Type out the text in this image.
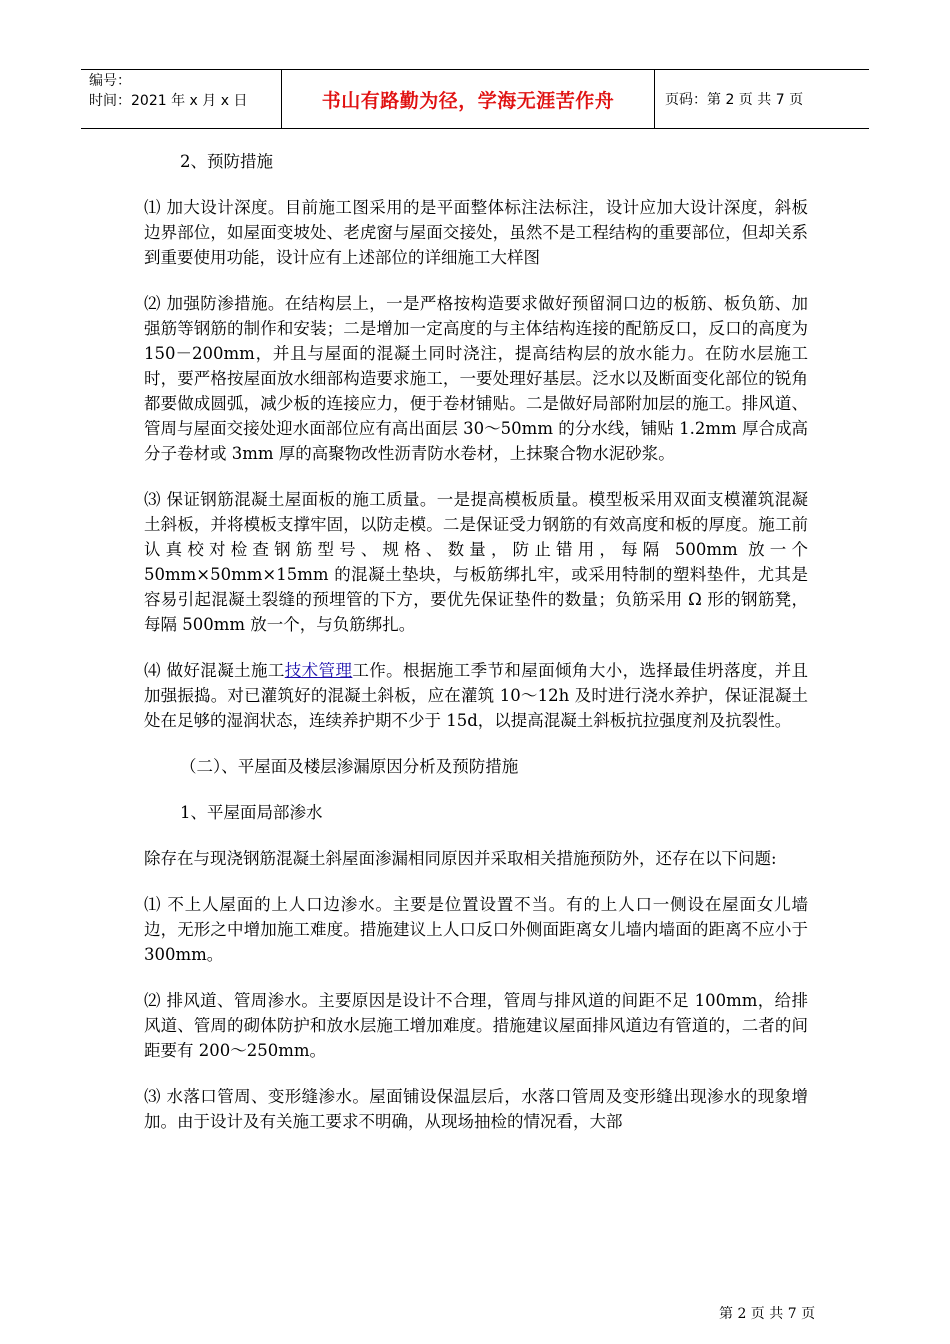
编号：
时间：2021 年 x 月 x 日	书山有路勤为径，学海无涯苦作舟	页码：第 2 页 共 7 页

2、预防措施

⑴ 加大设计深度。目前施工图采用的是平面整体标注法标注，设计应加大设计深度，斜板边界部位，如屋面变坡处、老虎窗与屋面交接处，虽然不是工程结构的重要部位，但却关系到重要使用功能，设计应有上述部位的详细施工大样图

⑵ 加强防渗措施。在结构层上，一是严格按构造要求做好预留洞口边的板筋、板负筋、加强筋等钢筋的制作和安装；二是增加一定高度的与主体结构连接的配筋反口，反口的高度为 150－200mm，并且与屋面的混凝土同时浇注，提高结构层的放水能力。在防水层施工时，要严格按屋面放水细部构造要求施工，一要处理好基层。泛水以及断面变化部位的锐角都要做成圆弧，减少板的连接应力，便于卷材铺贴。二是做好局部附加层的施工。排风道、管周与屋面交接处迎水面部位应有高出面层 30～50mm 的分水线，铺贴 1.2mm 厚合成高分子卷材或 3mm 厚的高聚物改性沥青防水卷材，上抹聚合物水泥砂浆。

⑶ 保证钢筋混凝土屋面板的施工质量。一是提高模板质量。模型板采用双面支模灌筑混凝土斜板，并将模板支撑牢固，以防走模。二是保证受力钢筋的有效高度和板的厚度。施工前认真校对检查钢筋型号、规格、数量，防止错用，每隔 500mm 放一个 50mm×50mm×15mm 的混凝土垫块，与板筋绑扎牢，或采用特制的塑料垫件，尤其是容易引起混凝土裂缝的预埋管的下方，要优先保证垫件的数量；负筋采用 Ω 形的钢筋凳，每隔 500mm 放一个，与负筋绑扎。

⑷ 做好混凝土施工技术管理工作。根据施工季节和屋面倾角大小，选择最佳坍落度，并且加强振捣。对已灌筑好的混凝土斜板，应在灌筑 10～12h 及时进行浇水养护，保证混凝土处在足够的湿润状态，连续养护期不少于 15d，以提高混凝土斜板抗拉强度剂及抗裂性。

（二）、平屋面及楼层渗漏原因分析及预防措施

1、平屋面局部渗水

除存在与现浇钢筋混凝土斜屋面渗漏相同原因并采取相关措施预防外，还存在以下问题:

⑴ 不上人屋面的上人口边渗水。主要是位置设置不当。有的上人口一侧设在屋面女儿墙边，无形之中增加施工难度。措施建议上人口反口外侧面距离女儿墙内墙面的距离不应小于 300mm。

⑵ 排风道、管周渗水。主要原因是设计不合理，管周与排风道的间距不足 100mm，给排风道、管周的砌体防护和放水层施工增加难度。措施建议屋面排风道边有管道的，二者的间距要有 200～250mm。

⑶ 水落口管周、变形缝渗水。屋面铺设保温层后，水落口管周及变形缝出现渗水的现象增加。由于设计及有关施工要求不明确，从现场抽检的情况看，大部

第 2 页 共 7 页
